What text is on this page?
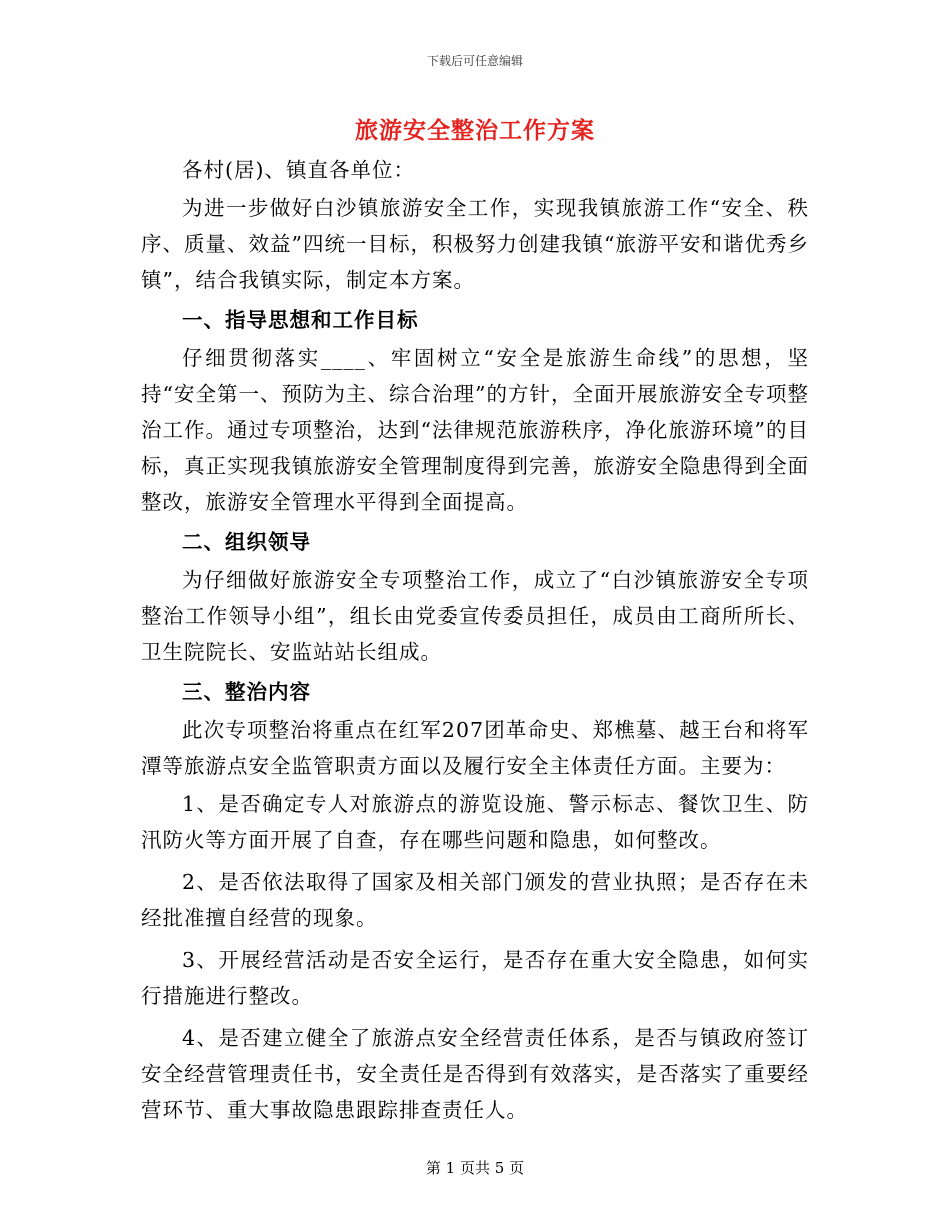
下载后可任意编辑
旅游安全整治工作方案

各村(居)、镇直各单位：

为进一步做好白沙镇旅游安全工作，实现我镇旅游工作“安全、秩序、质量、效益”四统一目标，积极努力创建我镇“旅游平安和谐优秀乡镇”，结合我镇实际，制定本方案。

一、指导思想和工作目标

仔细贯彻落实____、牢固树立“安全是旅游生命线”的思想，坚持“安全第一、预防为主、综合治理”的方针，全面开展旅游安全专项整治工作。通过专项整治，达到“法律规范旅游秩序，净化旅游环境”的目标，真正实现我镇旅游安全管理制度得到完善，旅游安全隐患得到全面整改，旅游安全管理水平得到全面提高。

二、组织领导

为仔细做好旅游安全专项整治工作，成立了“白沙镇旅游安全专项整治工作领导小组”，组长由党委宣传委员担任，成员由工商所所长、卫生院院长、安监站站长组成。

三、整治内容

此次专项整治将重点在红军207团革命史、郑樵墓、越王台和将军潭等旅游点安全监管职责方面以及履行安全主体责任方面。主要为：

1、是否确定专人对旅游点的游览设施、警示标志、餐饮卫生、防汛防火等方面开展了自查，存在哪些问题和隐患，如何整改。

2、是否依法取得了国家及相关部门颁发的营业执照；是否存在未经批准擅自经营的现象。

3、开展经营活动是否安全运行，是否存在重大安全隐患，如何实行措施进行整改。

4、是否建立健全了旅游点安全经营责任体系，是否与镇政府签订安全经营管理责任书，安全责任是否得到有效落实，是否落实了重要经营环节、重大事故隐患跟踪排查责任人。

第 1 页共 5 页
